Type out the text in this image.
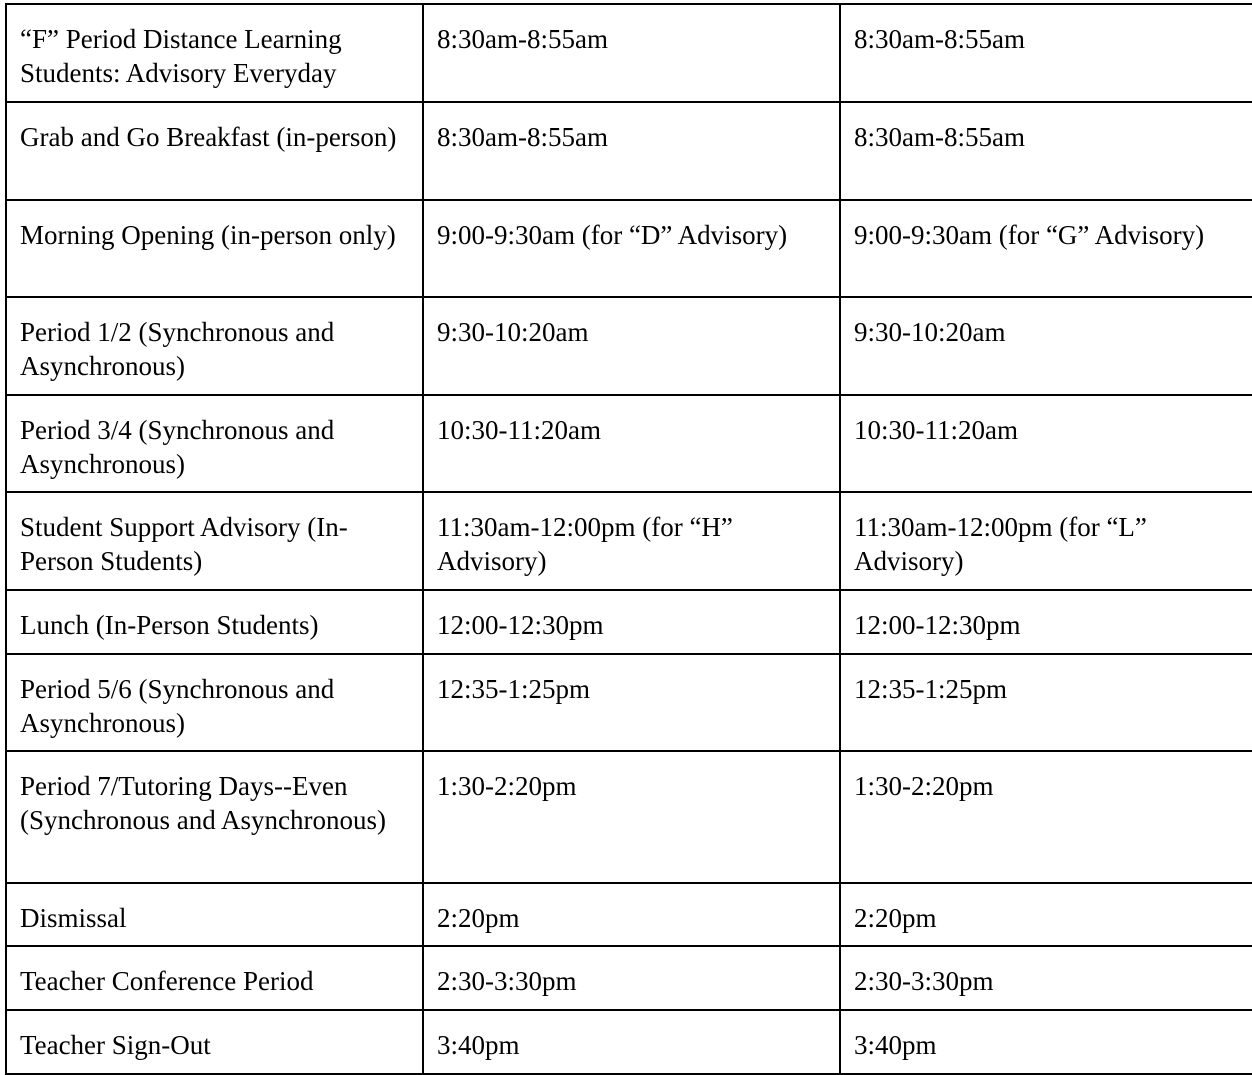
“F” Period Distance Learning Students: Advisory Everyday	8:30am-8:55am	8:30am-8:55am
Grab and Go Breakfast (in-person)	8:30am-8:55am	8:30am-8:55am
Morning Opening (in-person only)	9:00-9:30am (for “D” Advisory)	9:00-9:30am (for “G” Advisory)
Period 1/2 (Synchronous and Asynchronous)	9:30-10:20am	9:30-10:20am
Period 3/4 (Synchronous and Asynchronous)	10:30-11:20am	10:30-11:20am
Student Support Advisory (In-Person Students)	11:30am-12:00pm (for “H” Advisory)	11:30am-12:00pm (for “L” Advisory)
Lunch (In-Person Students)	12:00-12:30pm	12:00-12:30pm
Period 5/6 (Synchronous and Asynchronous)	12:35-1:25pm	12:35-1:25pm
Period 7/Tutoring Days--Even (Synchronous and Asynchronous)	1:30-2:20pm	1:30-2:20pm
Dismissal	2:20pm	2:20pm
Teacher Conference Period	2:30-3:30pm	2:30-3:30pm
Teacher Sign-Out	3:40pm	3:40pm
